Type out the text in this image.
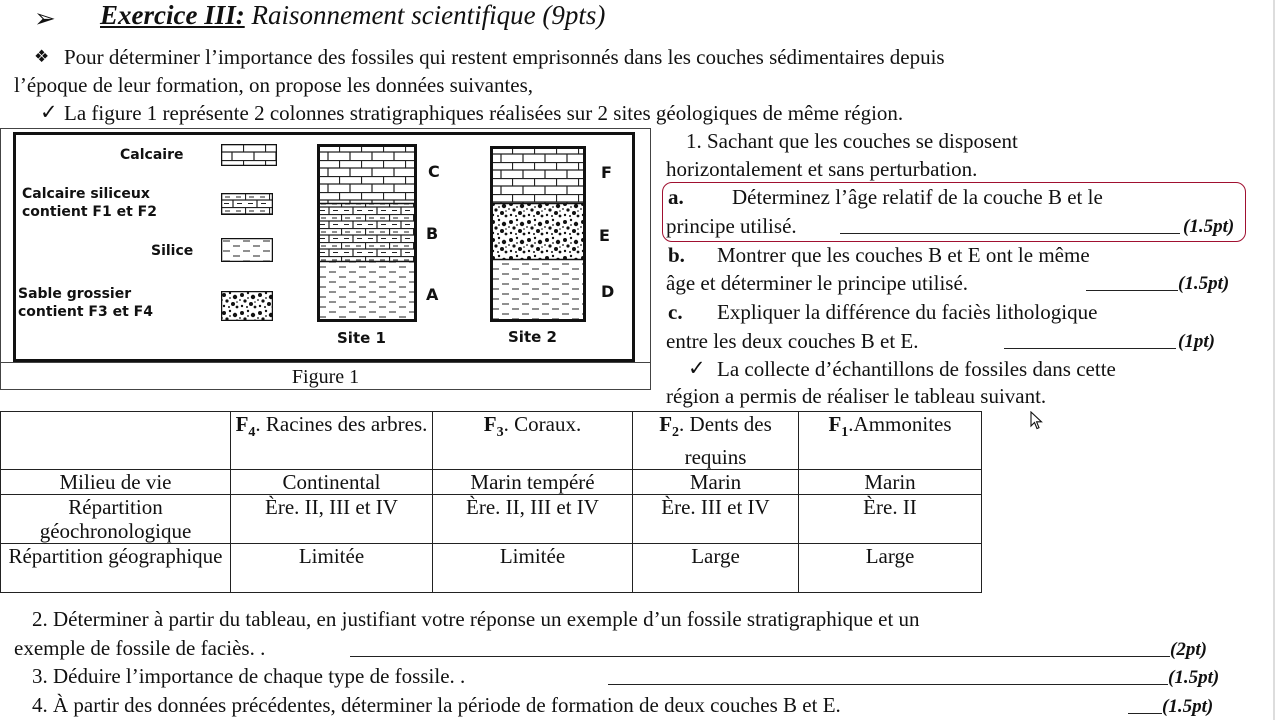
➢ Exercice III: Raisonnement scientifique (9pts)
❖ Pour déterminer l’importance des fossiles qui restent emprisonnés dans les couches sédimentaires depuis
l’époque de leur formation, on propose les données suivantes,
✓ La figure 1 représente 2 colonnes stratigraphiques réalisées sur 2 sites géologiques de même région.
Figure 1
Calcaire
Calcaire siliceux
contient F1 et F2
Silice
Sable grossier
contient F3 et F4
C
B
A
Site 1
F
E
D
Site 2
1. Sachant que les couches se disposent
horizontalement et sans perturbation.
a. Déterminez l’âge relatif de la couche B et le
principe utilisé.	(1.5pt)
b. Montrer que les couches B et E ont le même
âge et déterminer le principe utilisé.	(1.5pt)
c. Expliquer la différence du faciès lithologique
entre les deux couches B et E.	(1pt)
✓ La collecte d’échantillons de fossiles dans cette
région a permis de réaliser le tableau suivant.
	$F_4$. Racines des arbres.	$F_3$. Coraux.	$F_2$. Dents des requins	$F_1.Ammonites$
Milieu de vie	Continental	Marin tempéré	Marin	Marin
Répartition géochronologique	Ère. II, III et IV	Ère. II, III et IV	Ère. III et IV	Ère. II
Répartition géographique	Limitée	Limitée	Large	Large
2. Déterminer à partir du tableau, en justifiant votre réponse un exemple d’un fossile stratigraphique et un
exemple de fossile de faciès. .	(2pt)
3. Déduire l’importance de chaque type de fossile. .	(1.5pt)
4. À partir des données précédentes, déterminer la période de formation de deux couches B et E.	(1.5pt)
